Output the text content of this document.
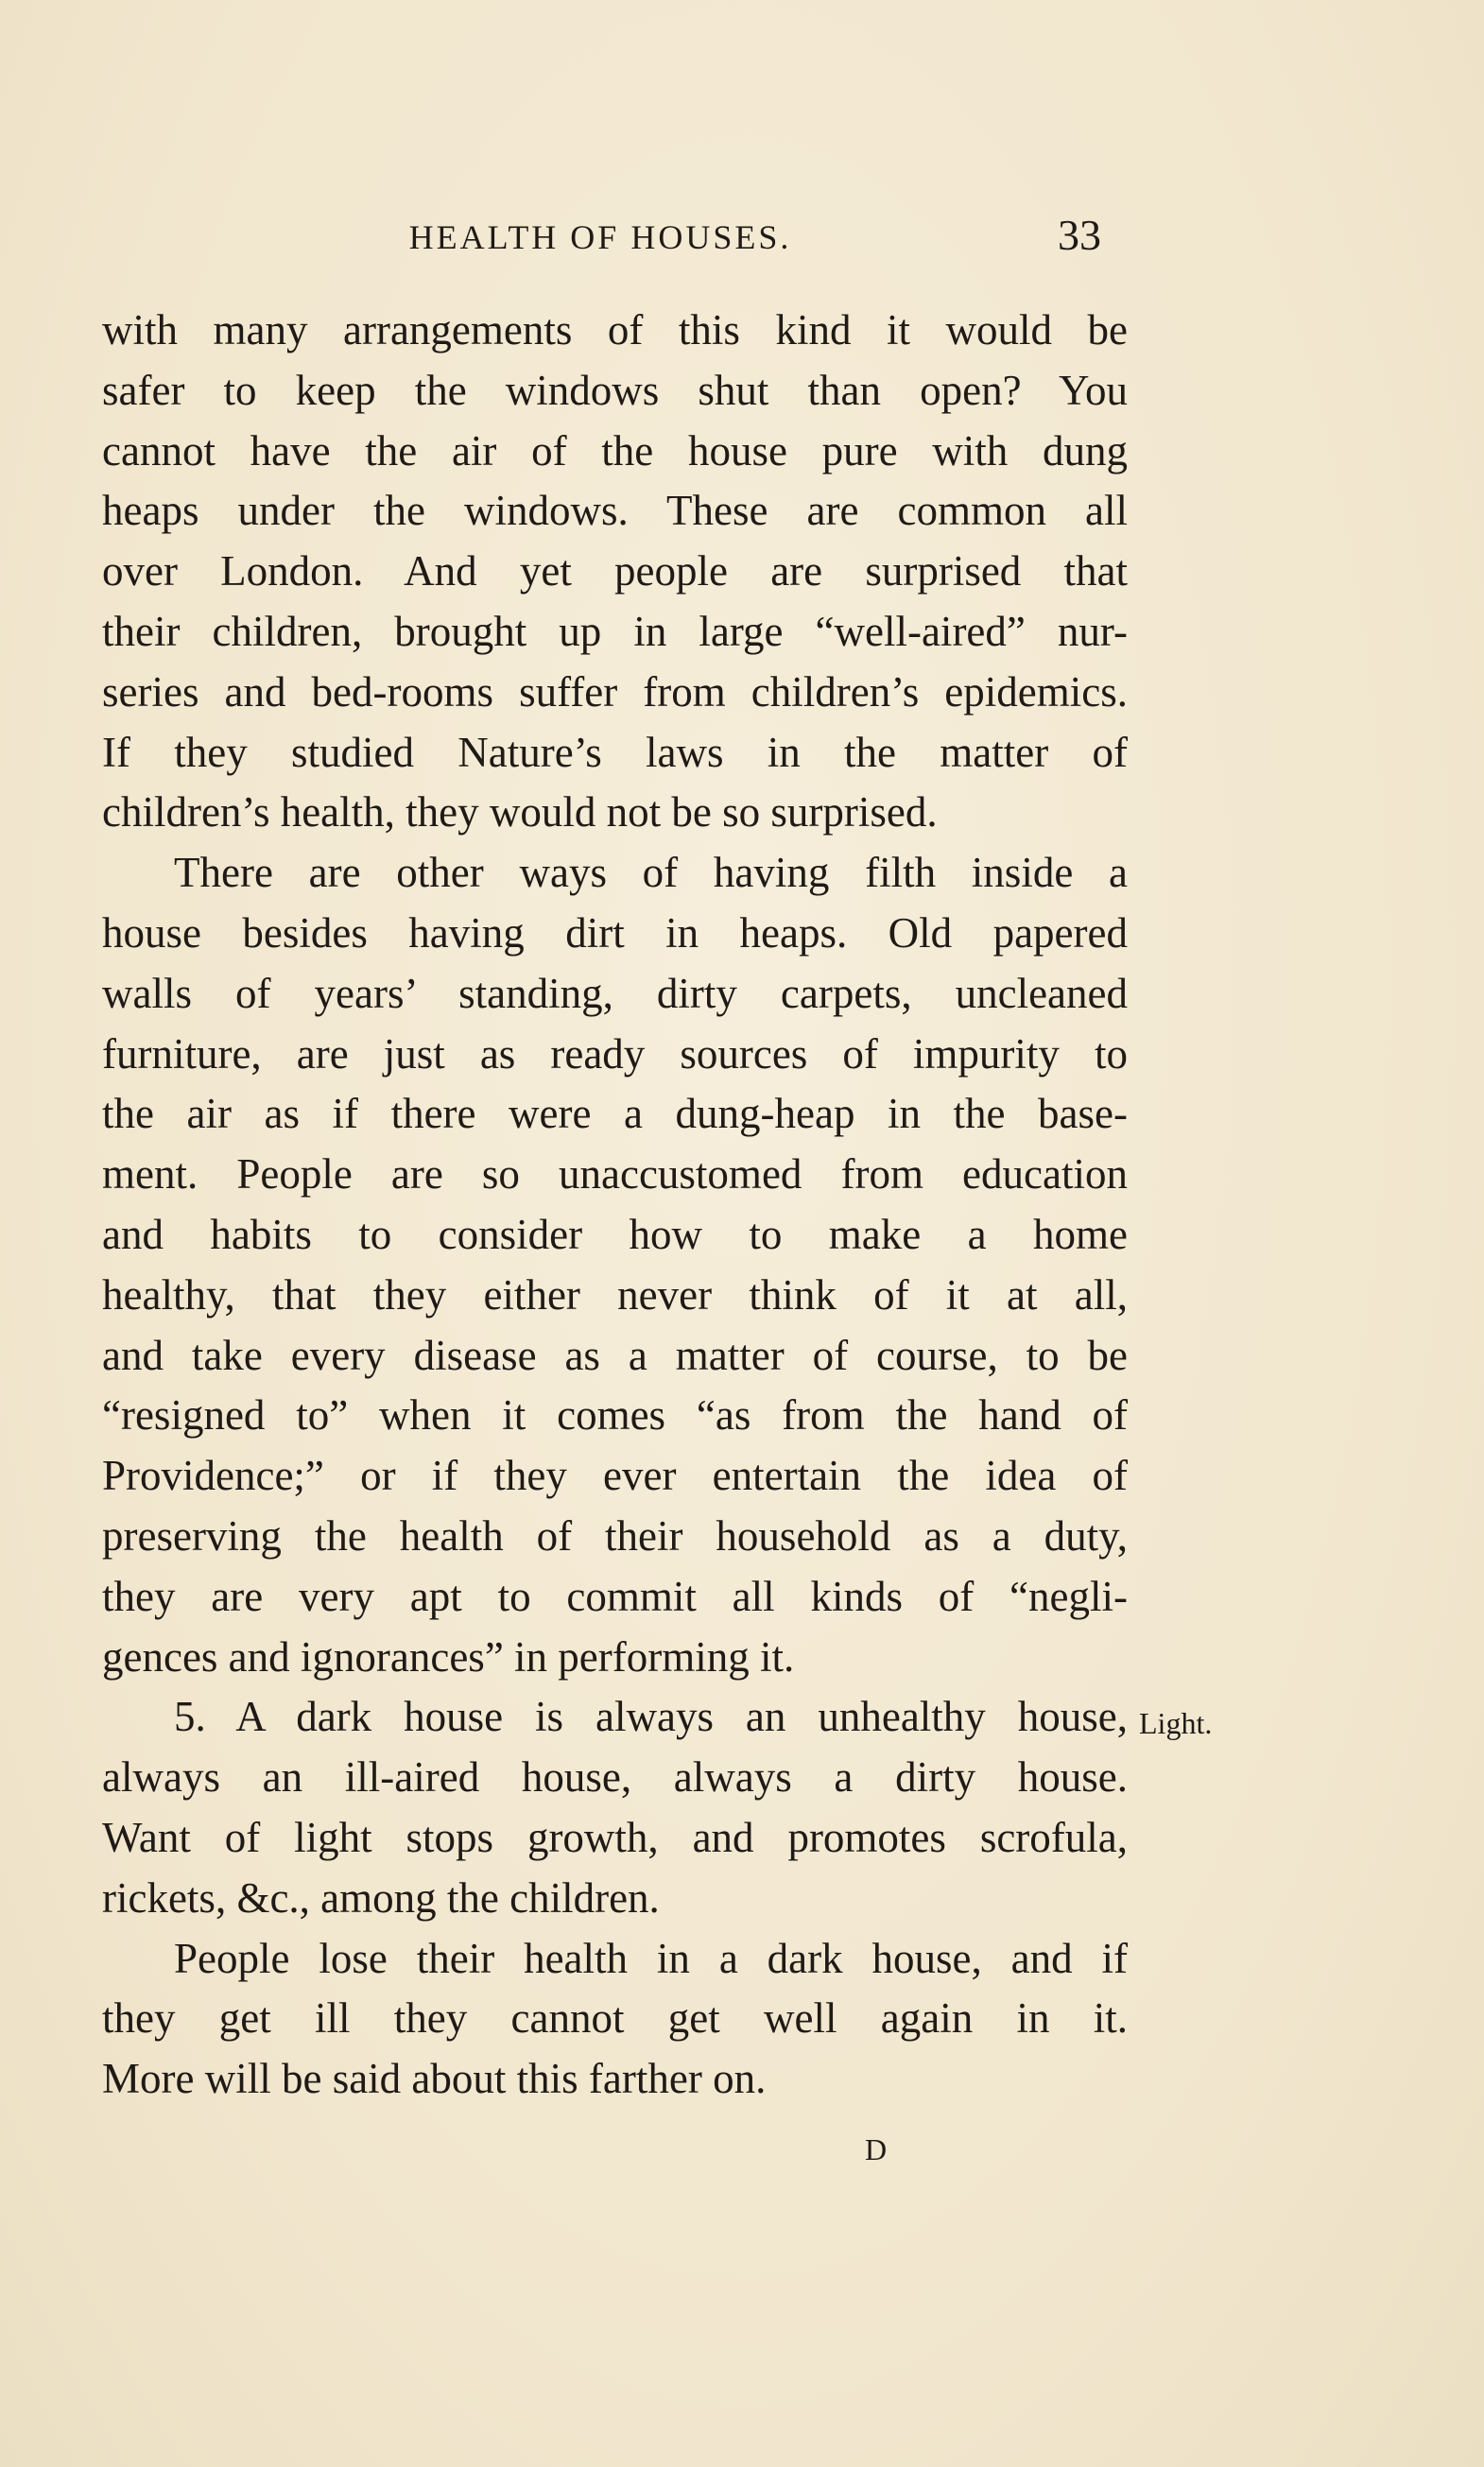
HEALTH OF HOUSES.	33
with many arrangements of this kind it would be
safer to keep the windows shut than open? You
cannot have the air of the house pure with dung
heaps under the windows. These are common all
over London. And yet people are surprised that
their children, brought up in large “well-aired” nur-
series and bed-rooms suffer from children’s epidemics.
If they studied Nature’s laws in the matter of
children’s health, they would not be so surprised.
There are other ways of having filth inside a
house besides having dirt in heaps. Old papered
walls of years’ standing, dirty carpets, uncleaned
furniture, are just as ready sources of impurity to
the air as if there were a dung-heap in the base-
ment. People are so unaccustomed from education
and habits to consider how to make a home
healthy, that they either never think of it at all,
and take every disease as a matter of course, to be
“resigned to” when it comes “as from the hand of
Providence;” or if they ever entertain the idea of
preserving the health of their household as a duty,
they are very apt to commit all kinds of “negli-
gences and ignorances” in performing it.
5. A dark house is always an unhealthy house,
always an ill-aired house, always a dirty house.
Want of light stops growth, and promotes scrofula,
rickets, &c., among the children.
People lose their health in a dark house, and if
they get ill they cannot get well again in it.
More will be said about this farther on.
Light.
D
